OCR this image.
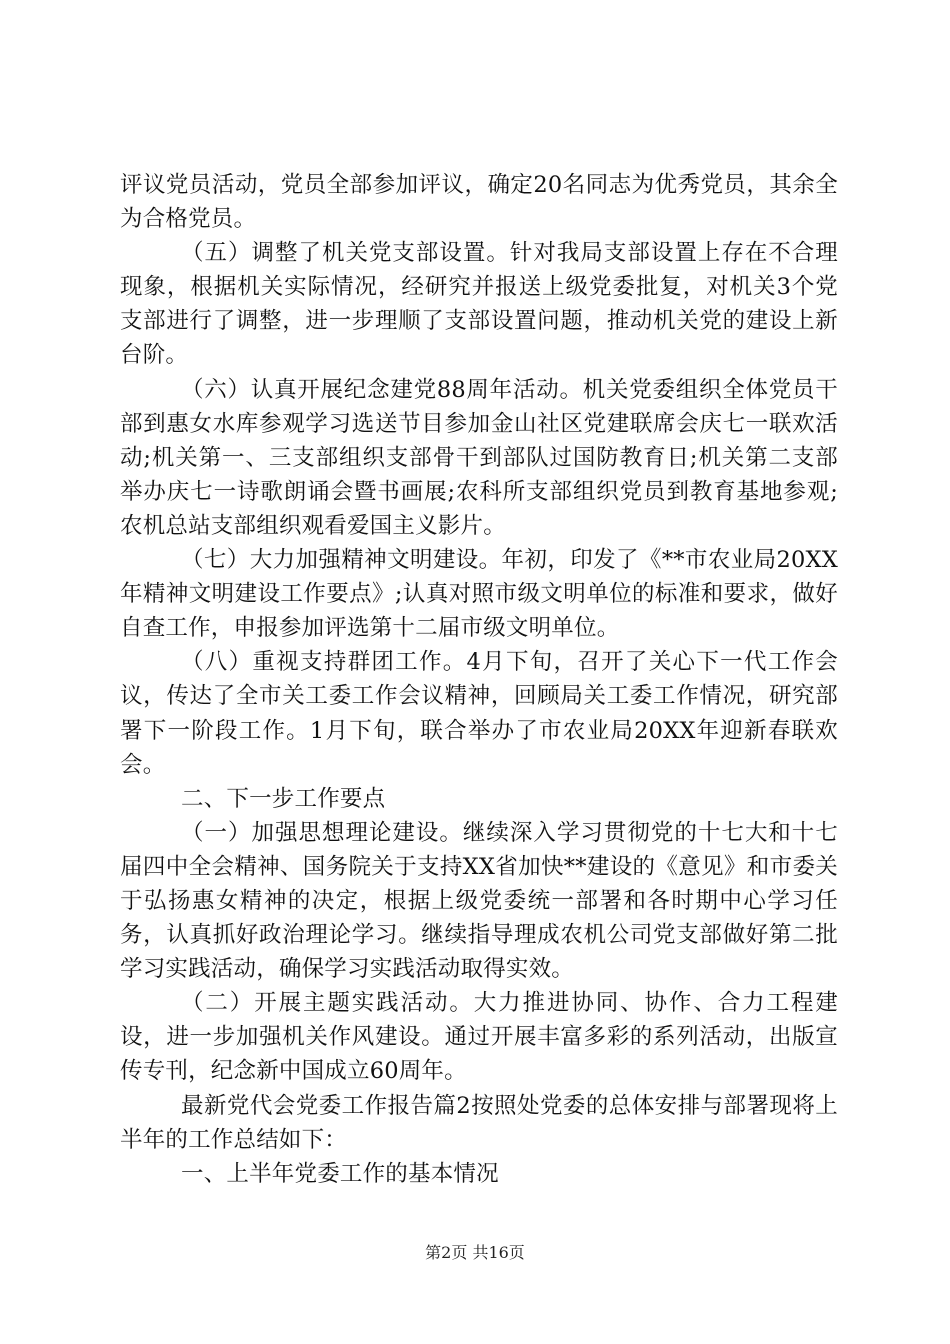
评议党员活动，党员全部参加评议，确定20名同志为优秀党员，其余全为合格党员。

（五）调整了机关党支部设置。针对我局支部设置上存在不合理现象，根据机关实际情况，经研究并报送上级党委批复，对机关3个党支部进行了调整，进一步理顺了支部设置问题，推动机关党的建设上新台阶。

（六）认真开展纪念建党88周年活动。机关党委组织全体党员干部到惠女水库参观学习选送节目参加金山社区党建联席会庆七一联欢活动;机关第一、三支部组织支部骨干到部队过国防教育日;机关第二支部举办庆七一诗歌朗诵会暨书画展;农科所支部组织党员到教育基地参观;农机总站支部组织观看爱国主义影片。

（七）大力加强精神文明建设。年初，印发了《**市农业局20XX年精神文明建设工作要点》;认真对照市级文明单位的标准和要求，做好自查工作，申报参加评选第十二届市级文明单位。

（八）重视支持群团工作。4月下旬，召开了关心下一代工作会议，传达了全市关工委工作会议精神，回顾局关工委工作情况，研究部署下一阶段工作。1月下旬，联合举办了市农业局20XX年迎新春联欢会。

二、下一步工作要点

（一）加强思想理论建设。继续深入学习贯彻党的十七大和十七届四中全会精神、国务院关于支持XX省加快**建设的《意见》和市委关于弘扬惠女精神的决定，根据上级党委统一部署和各时期中心学习任务，认真抓好政治理论学习。继续指导理成农机公司党支部做好第二批学习实践活动，确保学习实践活动取得实效。

（二）开展主题实践活动。大力推进协同、协作、合力工程建设，进一步加强机关作风建设。通过开展丰富多彩的系列活动，出版宣传专刊，纪念新中国成立60周年。

最新党代会党委工作报告篇2按照处党委的总体安排与部署现将上半年的工作总结如下：

一、上半年党委工作的基本情况

第2页 共16页
